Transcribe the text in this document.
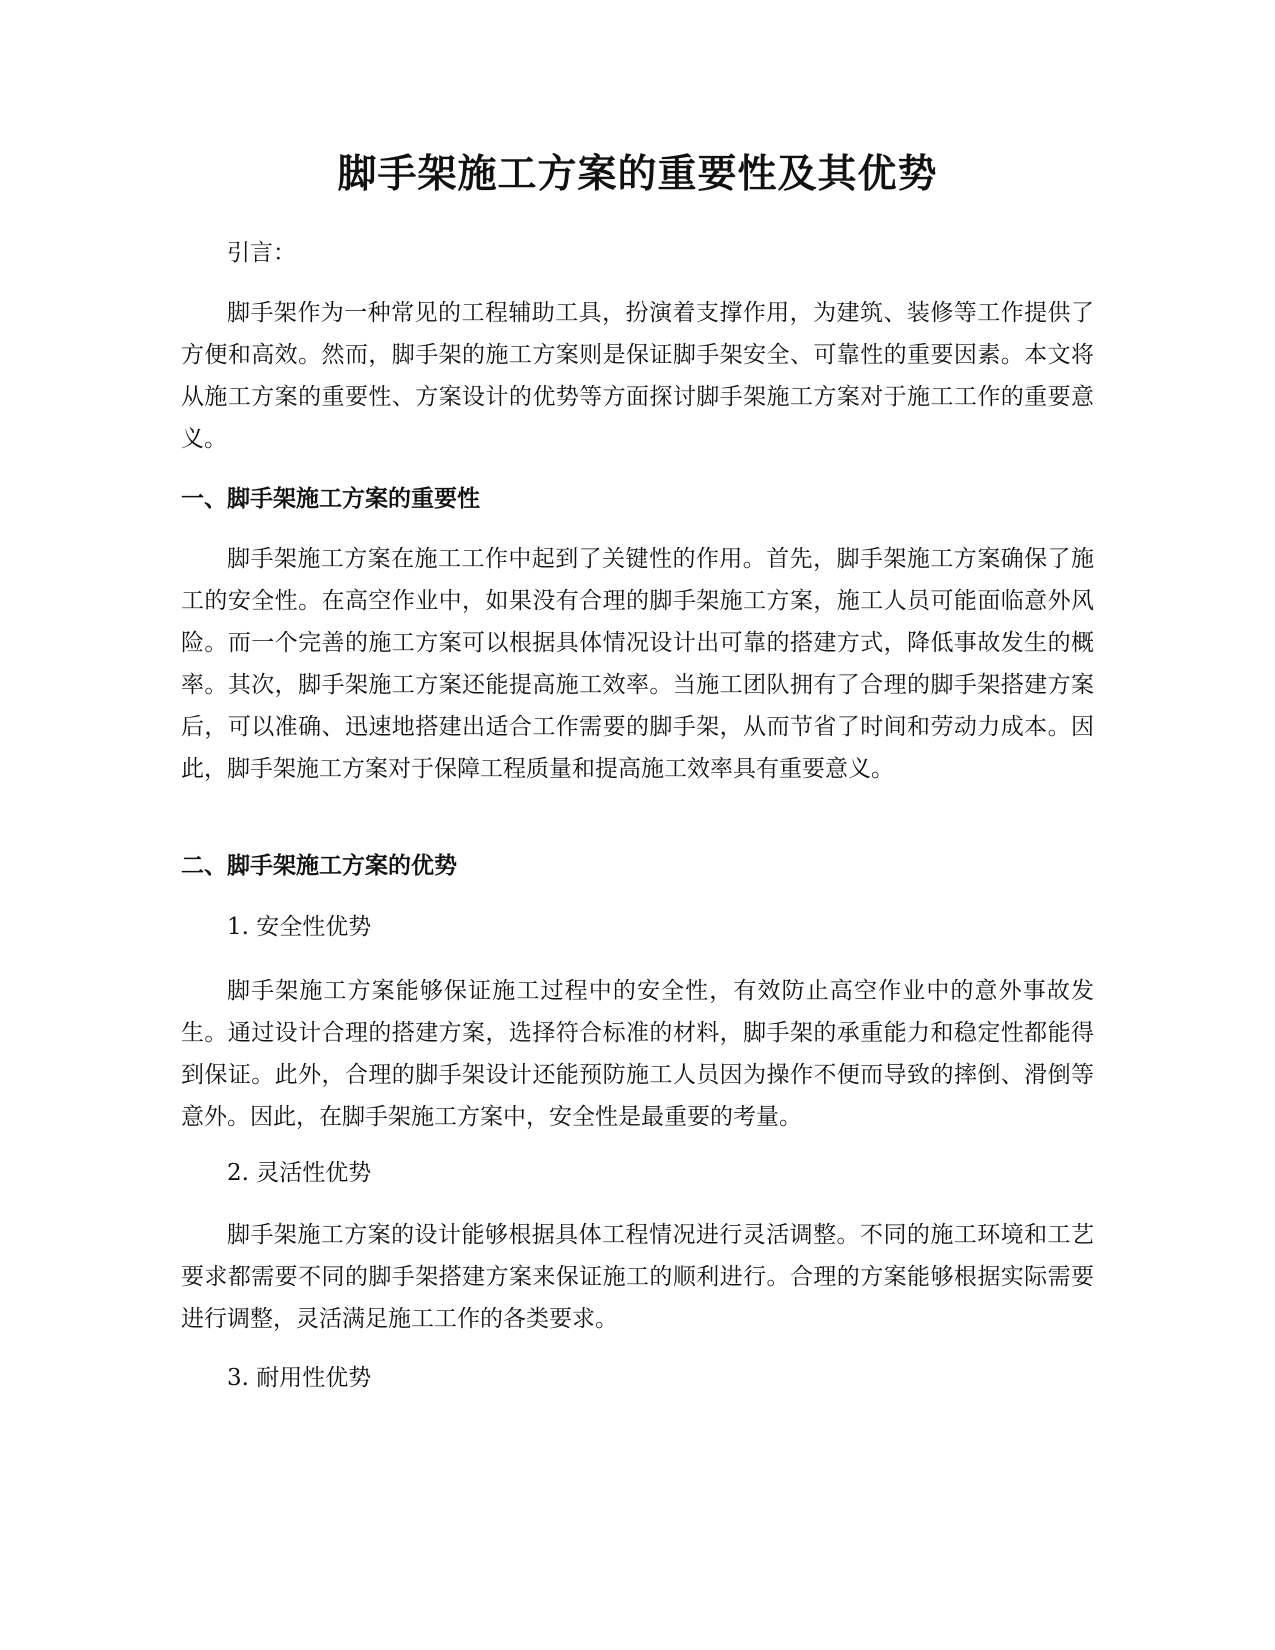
脚手架施工方案的重要性及其优势

引言：

脚手架作为一种常见的工程辅助工具，扮演着支撑作用，为建筑、装修等工作提供了方便和高效。然而，脚手架的施工方案则是保证脚手架安全、可靠性的重要因素。本文将从施工方案的重要性、方案设计的优势等方面探讨脚手架施工方案对于施工工作的重要意义。

一、脚手架施工方案的重要性

脚手架施工方案在施工工作中起到了关键性的作用。首先，脚手架施工方案确保了施工的安全性。在高空作业中，如果没有合理的脚手架施工方案，施工人员可能面临意外风险。而一个完善的施工方案可以根据具体情况设计出可靠的搭建方式，降低事故发生的概率。其次，脚手架施工方案还能提高施工效率。当施工团队拥有了合理的脚手架搭建方案后，可以准确、迅速地搭建出适合工作需要的脚手架，从而节省了时间和劳动力成本。因此，脚手架施工方案对于保障工程质量和提高施工效率具有重要意义。

二、脚手架施工方案的优势

1. 安全性优势

脚手架施工方案能够保证施工过程中的安全性，有效防止高空作业中的意外事故发生。通过设计合理的搭建方案，选择符合标准的材料，脚手架的承重能力和稳定性都能得到保证。此外，合理的脚手架设计还能预防施工人员因为操作不便而导致的摔倒、滑倒等意外。因此，在脚手架施工方案中，安全性是最重要的考量。

2. 灵活性优势

脚手架施工方案的设计能够根据具体工程情况进行灵活调整。不同的施工环境和工艺要求都需要不同的脚手架搭建方案来保证施工的顺利进行。合理的方案能够根据实际需要进行调整，灵活满足施工工作的各类要求。

3. 耐用性优势
